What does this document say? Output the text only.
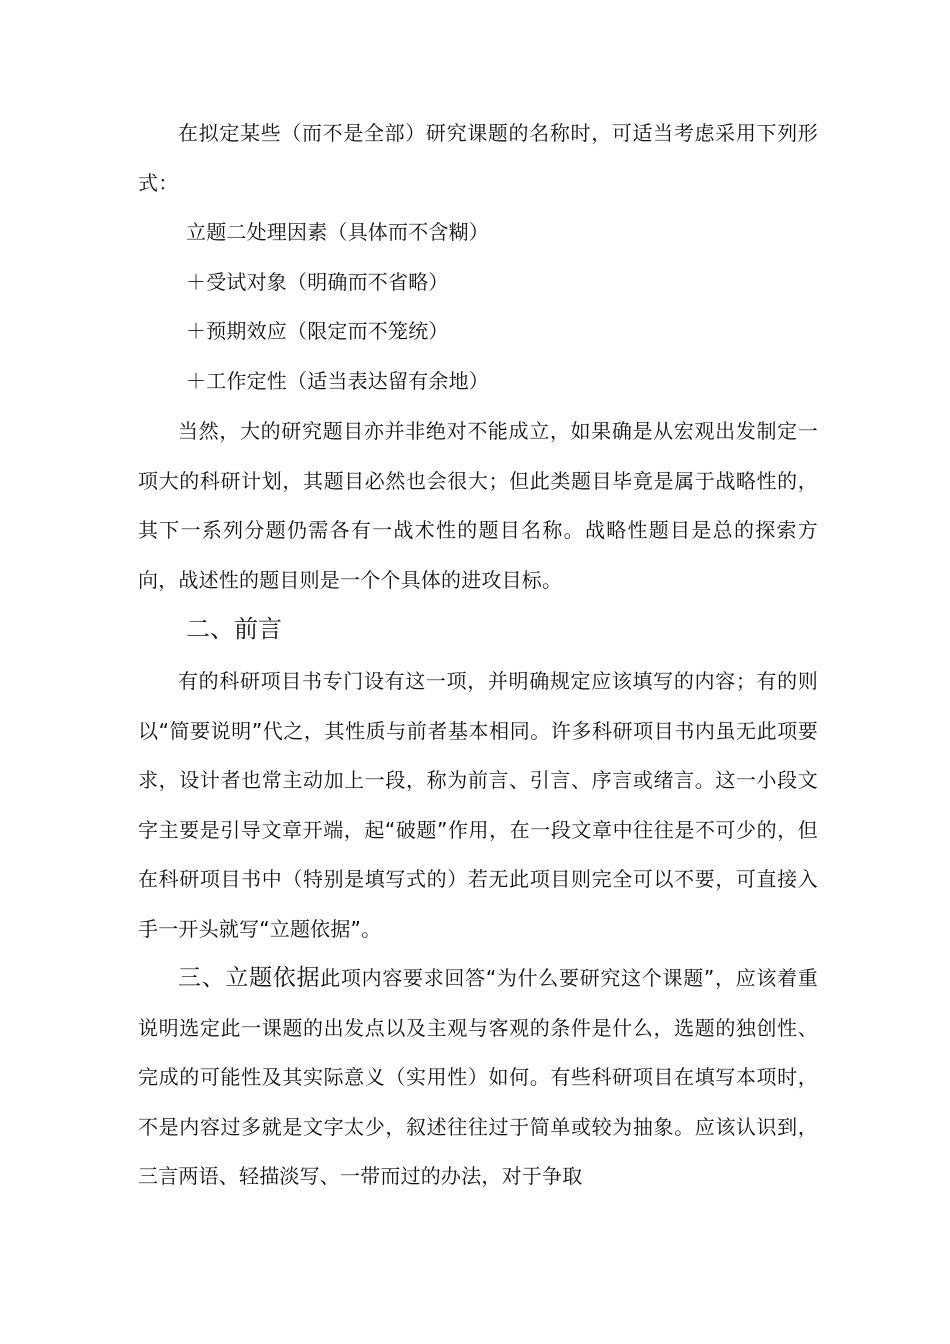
在拟定某些（而不是全部）研究课题的名称时，可适当考虑采用下列形式：

立题二处理因素（具体而不含糊）

＋受试对象（明确而不省略）

＋预期效应（限定而不笼统）

＋工作定性（适当表达留有余地）

当然，大的研究题目亦并非绝对不能成立，如果确是从宏观出发制定一项大的科研计划，其题目必然也会很大；但此类题目毕竟是属于战略性的，其下一系列分题仍需各有一战术性的题目名称。战略性题目是总的探索方向，战述性的题目则是一个个具体的进攻目标。

二、前言

有的科研项目书专门设有这一项，并明确规定应该填写的内容；有的则以“简要说明”代之，其性质与前者基本相同。许多科研项目书内虽无此项要求，设计者也常主动加上一段，称为前言、引言、序言或绪言。这一小段文字主要是引导文章开端，起“破题”作用，在一段文章中往往是不可少的，但在科研项目书中（特别是填写式的）若无此项目则完全可以不要，可直接入手一开头就写“立题依据”。

三、立题依据此项内容要求回答“为什么要研究这个课题”，应该着重说明选定此一课题的出发点以及主观与客观的条件是什么，选题的独创性、完成的可能性及其实际意义（实用性）如何。有些科研项目在填写本项时，不是内容过多就是文字太少，叙述往往过于简单或较为抽象。应该认识到，三言两语、轻描淡写、一带而过的办法，对于争取
